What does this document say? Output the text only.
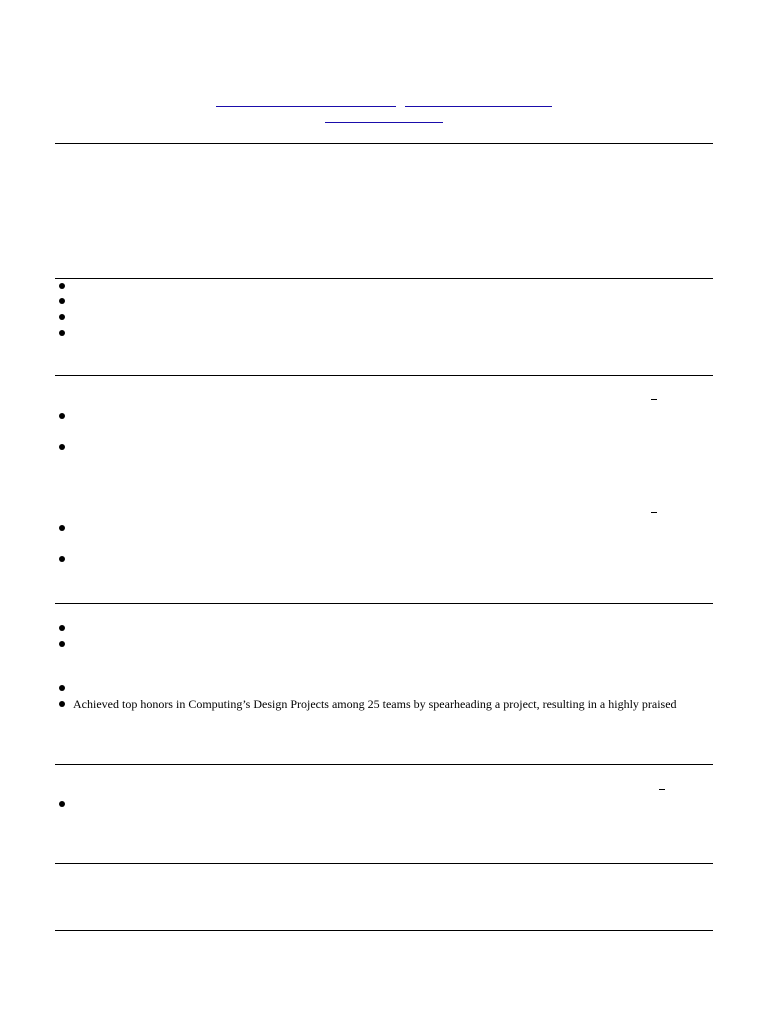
Achieved top honors in Computing’s Design Projects among 25 teams by spearheading a project, resulting in a highly praised
